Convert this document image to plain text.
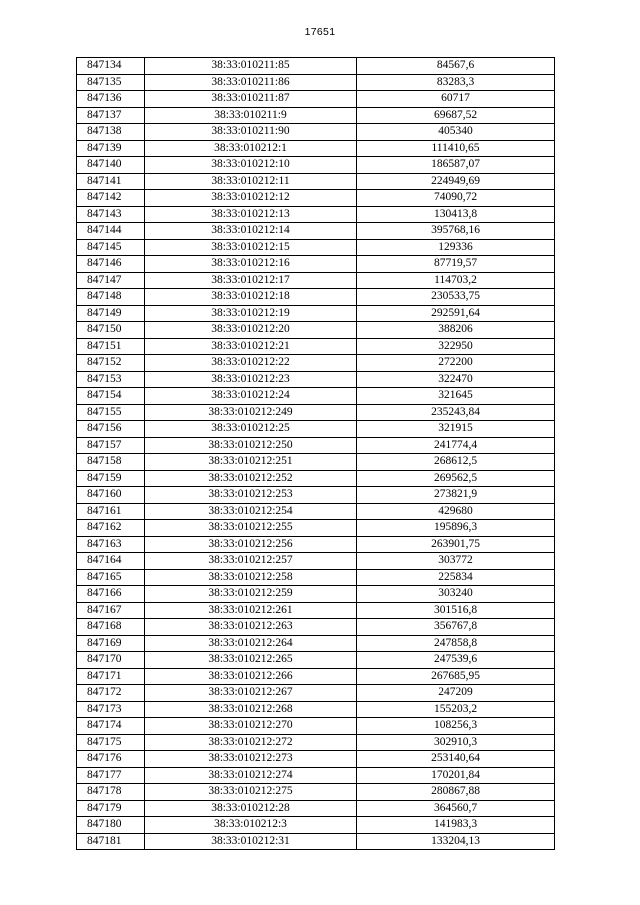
17651
847134	38:33:010211:85	84567,6
847135	38:33:010211:86	83283,3
847136	38:33:010211:87	60717
847137	38:33:010211:9	69687,52
847138	38:33:010211:90	405340
847139	38:33:010212:1	111410,65
847140	38:33:010212:10	186587,07
847141	38:33:010212:11	224949,69
847142	38:33:010212:12	74090,72
847143	38:33:010212:13	130413,8
847144	38:33:010212:14	395768,16
847145	38:33:010212:15	129336
847146	38:33:010212:16	87719,57
847147	38:33:010212:17	114703,2
847148	38:33:010212:18	230533,75
847149	38:33:010212:19	292591,64
847150	38:33:010212:20	388206
847151	38:33:010212:21	322950
847152	38:33:010212:22	272200
847153	38:33:010212:23	322470
847154	38:33:010212:24	321645
847155	38:33:010212:249	235243,84
847156	38:33:010212:25	321915
847157	38:33:010212:250	241774,4
847158	38:33:010212:251	268612,5
847159	38:33:010212:252	269562,5
847160	38:33:010212:253	273821,9
847161	38:33:010212:254	429680
847162	38:33:010212:255	195896,3
847163	38:33:010212:256	263901,75
847164	38:33:010212:257	303772
847165	38:33:010212:258	225834
847166	38:33:010212:259	303240
847167	38:33:010212:261	301516,8
847168	38:33:010212:263	356767,8
847169	38:33:010212:264	247858,8
847170	38:33:010212:265	247539,6
847171	38:33:010212:266	267685,95
847172	38:33:010212:267	247209
847173	38:33:010212:268	155203,2
847174	38:33:010212:270	108256,3
847175	38:33:010212:272	302910,3
847176	38:33:010212:273	253140,64
847177	38:33:010212:274	170201,84
847178	38:33:010212:275	280867,88
847179	38:33:010212:28	364560,7
847180	38:33:010212:3	141983,3
847181	38:33:010212:31	133204,13
